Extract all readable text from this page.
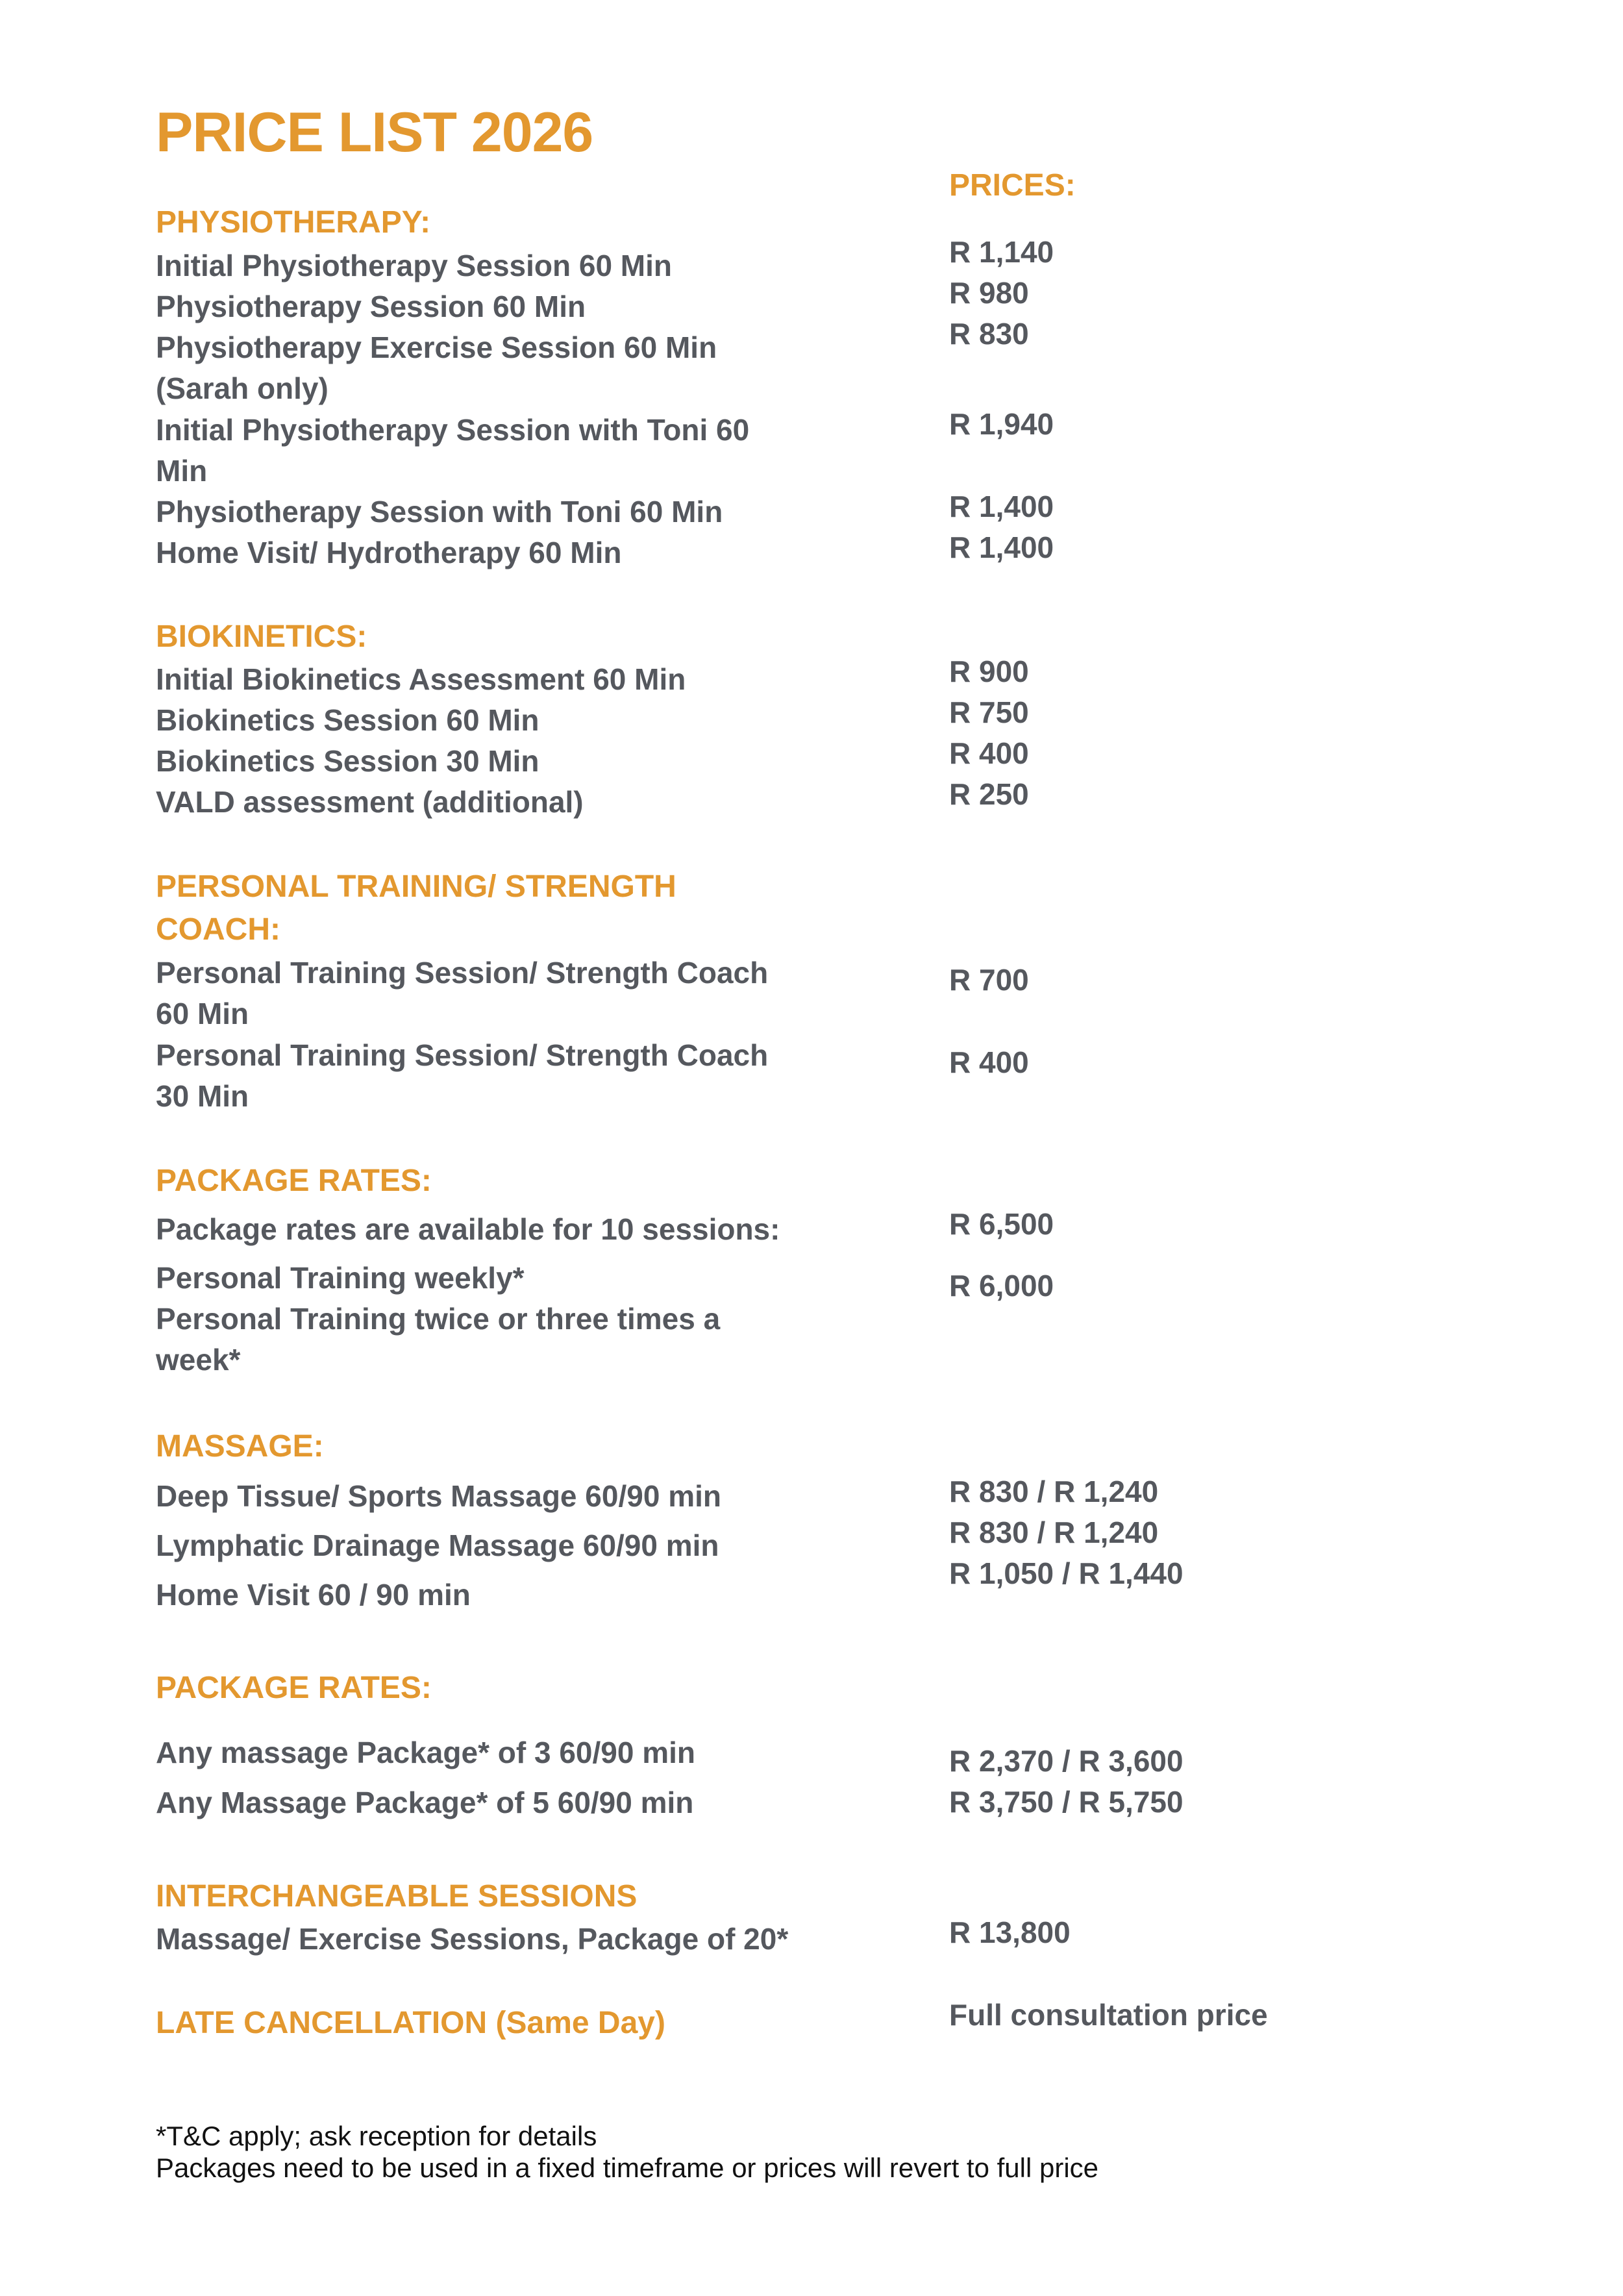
PRICE LIST 2026
PRICES:
PHYSIOTHERAPY:
Initial Physiotherapy Session 60 Min
Physiotherapy Session 60 Min
Physiotherapy Exercise Session 60 Min
(Sarah only)
Initial Physiotherapy Session with Toni 60
Min
Physiotherapy Session with Toni 60 Min
Home Visit/ Hydrotherapy 60 Min
R 1,140
R 980
R 830
R 1,940
R 1,400
R 1,400
BIOKINETICS:
Initial Biokinetics Assessment 60 Min
Biokinetics Session 60 Min
Biokinetics Session 30 Min
VALD assessment (additional)
R 900
R 750
R 400
R 250
PERSONAL TRAINING/ STRENGTH
COACH:
Personal Training Session/ Strength Coach
60 Min
Personal Training Session/ Strength Coach
30 Min
R 700
R 400
PACKAGE RATES:
Package rates are available for 10 sessions:
Personal Training weekly*
Personal Training twice or three times a
week*
R 6,500
R 6,000
MASSAGE:
Deep Tissue/ Sports Massage 60/90 min
Lymphatic Drainage Massage 60/90 min
Home Visit 60 / 90 min
R 830 / R 1,240
R 830 / R 1,240
R 1,050 / R 1,440
PACKAGE RATES:
Any massage Package* of 3 60/90 min
Any Massage Package* of 5 60/90 min
R 2,370 / R 3,600
R 3,750 / R 5,750
INTERCHANGEABLE SESSIONS
Massage/ Exercise Sessions, Package of 20*	R 13,800
LATE CANCELLATION (Same Day)	Full consultation price
*T&C apply; ask reception for details
Packages need to be used in a fixed timeframe or prices will revert to full price
